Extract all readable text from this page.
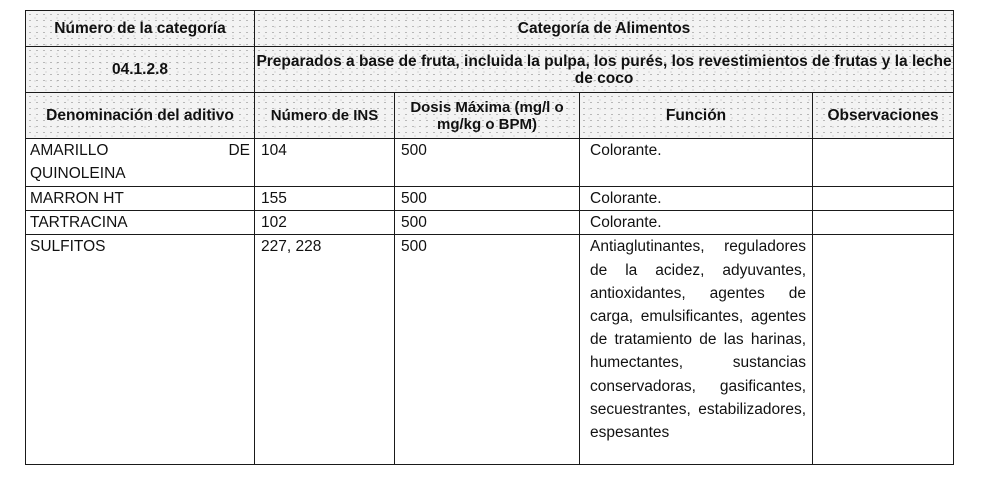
Número de la categoría	Categoría de Alimentos			
04.1.2.8	Preparados a base de fruta, incluida la pulpa, los purés, los revestimientos de frutas y la leche de coco			
Denominación del aditivo	Número de INS	Dosis Máxima (mg/l o mg/kg o BPM)	Función	Observaciones

AMARILLO DE
QUINOLEINA	104	500	Colorante.	
MARRON HT	155	500	Colorante.	
TARTRACINA	102	500	Colorante.	
SULFITOS	227, 228	500	Antiaglutinantes, reguladores de la acidez, adyuvantes, antioxidantes, agentes de carga, emulsificantes, agentes de tratamiento de las harinas, humectantes, sustancias conservadoras, gasificantes, secuestrantes, estabilizadores, espesantes	
